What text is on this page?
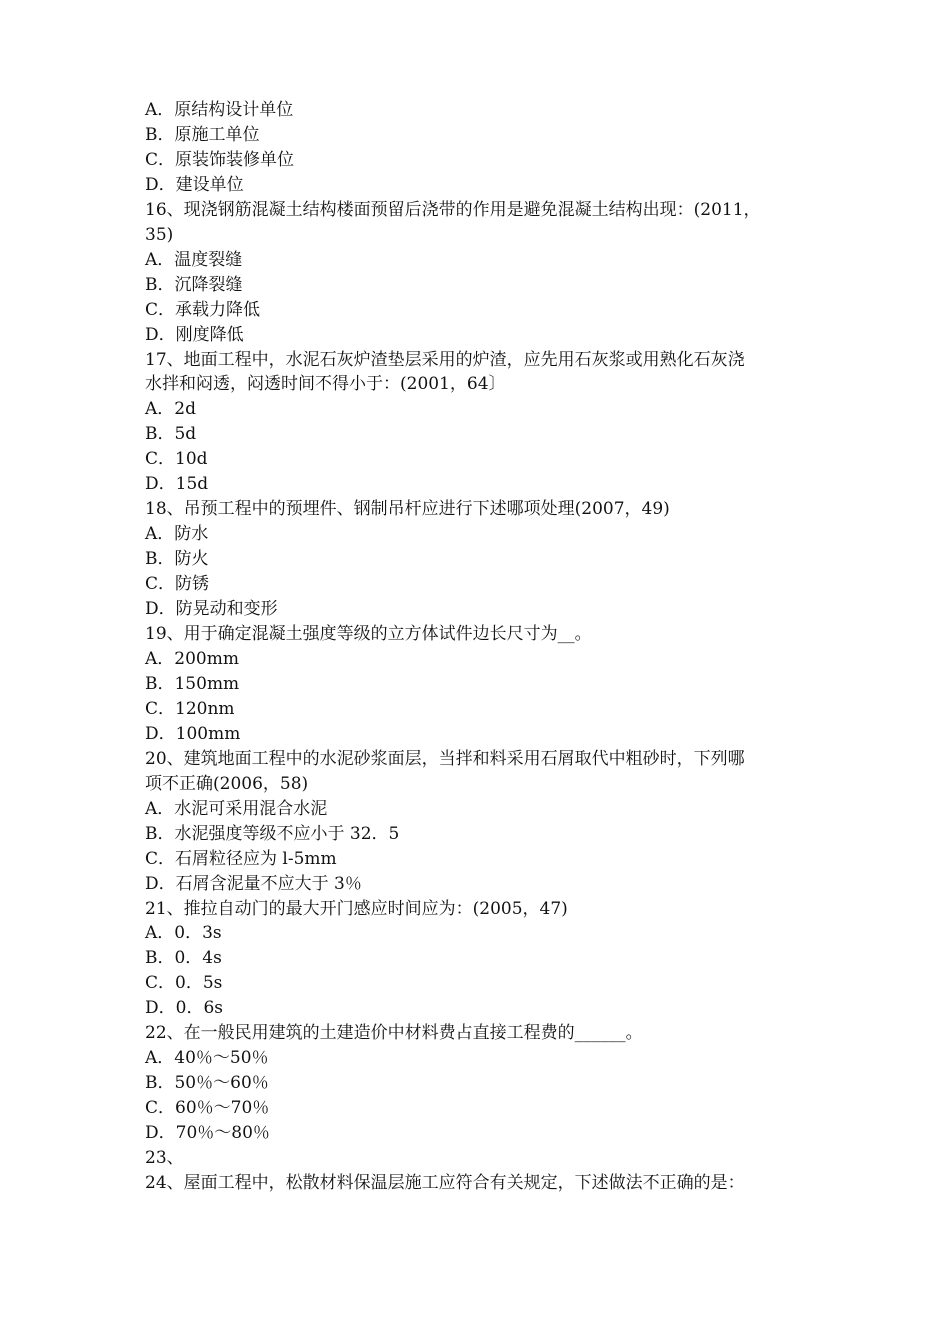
A．原结构设计单位
B．原施工单位
C．原装饰装修单位
D．建设单位
16、现浇钢筋混凝土结构楼面预留后浇带的作用是避免混凝土结构出现：(2011，
35)
A．温度裂缝
B．沉降裂缝
C．承载力降低
D．刚度降低
17、地面工程中，水泥石灰炉渣垫层采用的炉渣，应先用石灰浆或用熟化石灰浇
水拌和闷透，闷透时间不得小于：(2001，64〕
A．2d
B．5d
C．10d
D．15d
18、吊预工程中的预埋件、钢制吊杆应进行下述哪项处理(2007，49)
A．防水
B．防火
C．防锈
D．防晃动和变形
19、用于确定混凝土强度等级的立方体试件边长尺寸为__。
A．200mm
B．150mm
C．120nm
D．100mm
20、建筑地面工程中的水泥砂浆面层，当拌和料采用石屑取代中粗砂时，下列哪
项不正确(2006，58)
A．水泥可采用混合水泥
B．水泥强度等级不应小于 32．5
C．石屑粒径应为 l-5mm
D．石屑含泥量不应大于 3％
21、推拉自动门的最大开门感应时间应为：(2005，47)
A．0．3s
B．0．4s
C．0．5s
D．0．6s
22、在一般民用建筑的土建造价中材料费占直接工程费的______。
A．40％～50％
B．50％～60％
C．60％～70％
D．70％～80％
23、
24、屋面工程中，松散材料保温层施工应符合有关规定，下述做法不正确的是：
